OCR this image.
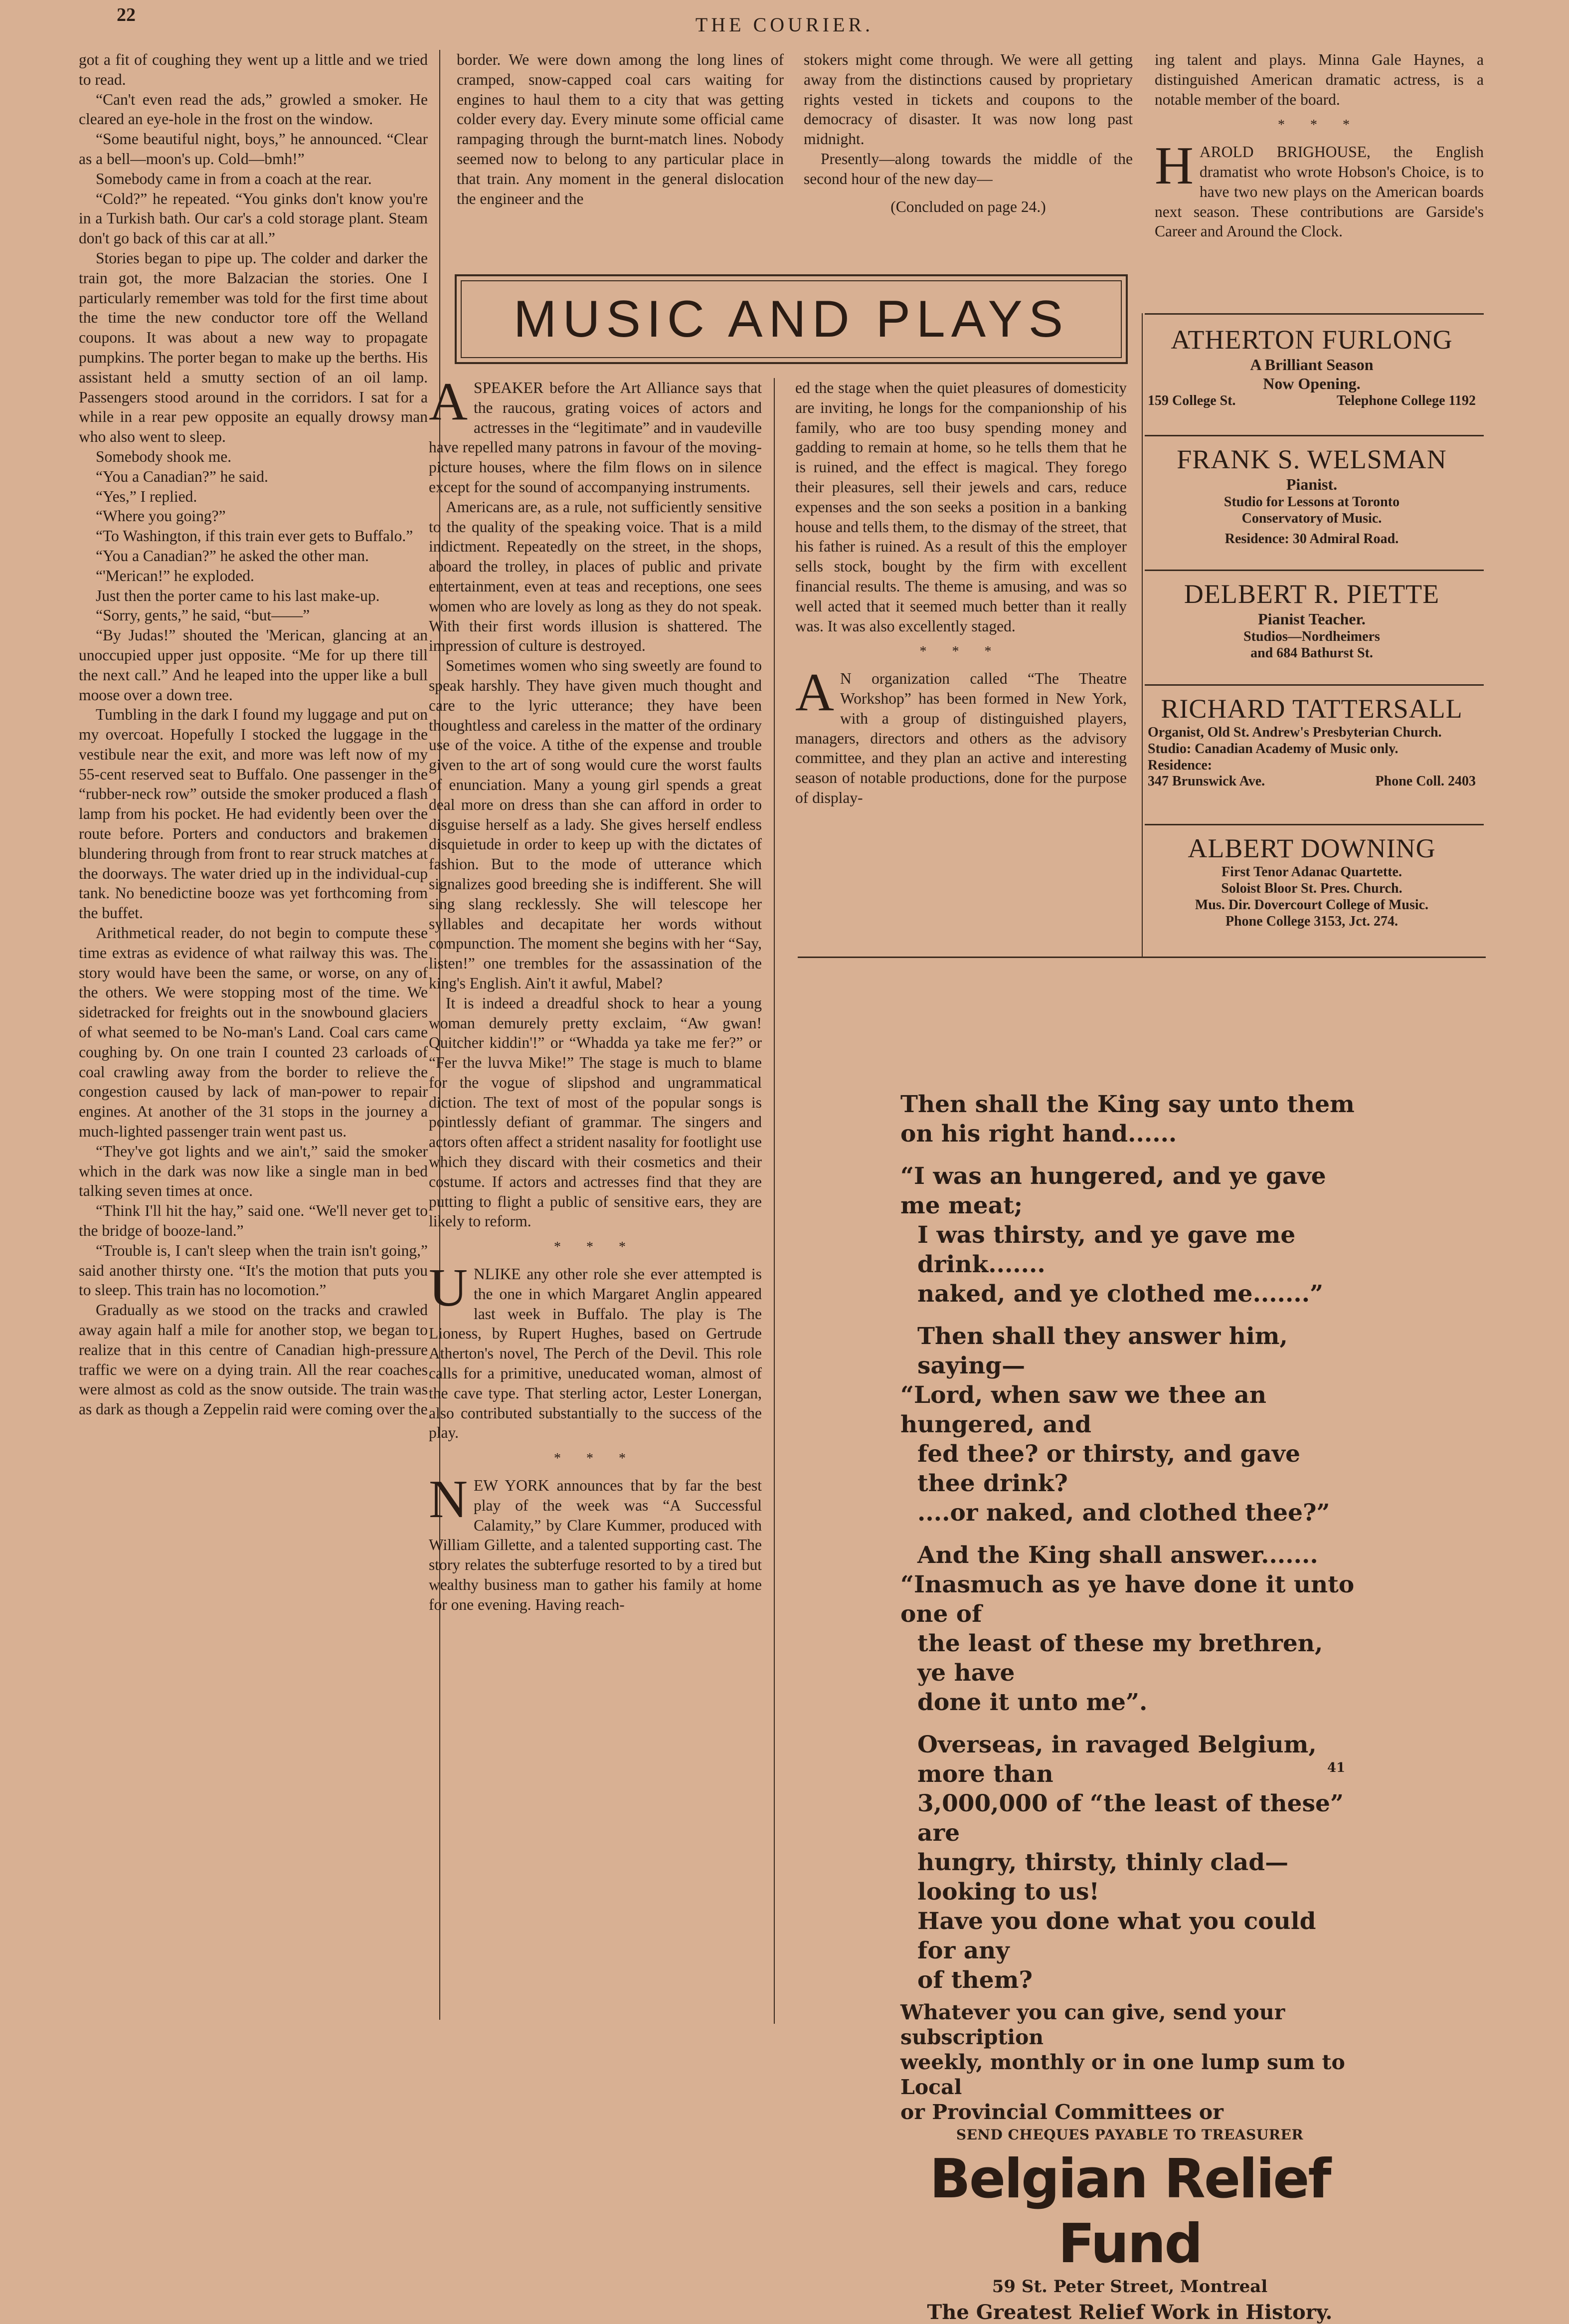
22	THE COURIER.

got a fit of coughing they went up a little and we tried to read.

“Can't even read the ads,” growled a smoker. He cleared an eye-hole in the frost on the window.

“Some beautiful night, boys,” he announced. “Clear as a bell—moon's up. Cold—bmh!”

Somebody came in from a coach at the rear.

“Cold?” he repeated. “You ginks don't know you're in a Turkish bath. Our car's a cold storage plant. Steam don't go back of this car at all.”

Stories began to pipe up. The colder and darker the train got, the more Balzacian the stories. One I particularly remember was told for the first time about the time the new conductor tore off the Welland coupons. It was about a new way to propagate pumpkins. The porter began to make up the berths. His assistant held a smutty section of an oil lamp. Passengers stood around in the corridors. I sat for a while in a rear pew opposite an equally drowsy man who also went to sleep.

Somebody shook me.

“You a Canadian?” he said.

“Yes,” I replied.

“Where you going?”

“To Washington, if this train ever gets to Buffalo.”

“You a Canadian?” he asked the other man.

“'Merican!” he exploded.

Just then the porter came to his last make-up.

“Sorry, gents,” he said, “but——”

“By Judas!” shouted the 'Merican, glancing at an unoccupied upper just opposite. “Me for up there till the next call.” And he leaped into the upper like a bull moose over a down tree.

Tumbling in the dark I found my luggage and put on my overcoat. Hopefully I stocked the luggage in the vestibule near the exit, and more was left now of my 55-cent reserved seat to Buffalo. One passenger in the “rubber-neck row” outside the smoker produced a flash lamp from his pocket. He had evidently been over the route before. Porters and conductors and brakemen blundering through from front to rear struck matches at the doorways. The water dried up in the individual-cup tank. No benedictine booze was yet forthcoming from the buffet.

Arithmetical reader, do not begin to compute these time extras as evidence of what railway this was. The story would have been the same, or worse, on any of the others. We were stopping most of the time. We sidetracked for freights out in the snowbound glaciers of what seemed to be No-man's Land. Coal cars came coughing by. On one train I counted 23 carloads of coal crawling away from the border to relieve the congestion caused by lack of man-power to repair engines. At another of the 31 stops in the journey a much-lighted passenger train went past us.

“They've got lights and we ain't,” said the smoker which in the dark was now like a single man in bed talking seven times at once.

“Think I'll hit the hay,” said one. “We'll never get to the bridge of booze-land.”

“Trouble is, I can't sleep when the train isn't going,” said another thirsty one. “It's the motion that puts you to sleep. This train has no locomotion.”

Gradually as we stood on the tracks and crawled away again half a mile for another stop, we began to realize that in this centre of Canadian high-pressure traffic we were on a dying train. All the rear coaches were almost as cold as the snow outside. The train was as dark as though a Zeppelin raid were coming over the

border. We were down among the long lines of cramped, snow-capped coal cars waiting for engines to haul them to a city that was getting colder every day. Every minute some official came rampaging through the burnt-match lines. Nobody seemed now to belong to any particular place in that train. Any moment in the general dislocation the engineer and the

stokers might come through. We were all getting away from the distinctions caused by proprietary rights vested in tickets and coupons to the democracy of disaster. It was now long past midnight.

Presently—along towards the middle of the second hour of the new day—

(Concluded on page 24.)

ing talent and plays. Minna Gale Haynes, a distinguished American dramatic actress, is a notable member of the board.

* * *

HAROLD BRIGHOUSE, the English dramatist who wrote Hobson's Choice, is to have two new plays on the American boards next season. These contributions are Garside's Career and Around the Clock.

MUSIC AND PLAYS

ASPEAKER before the Art Alliance says that the raucous, grating voices of actors and actresses in the “legitimate” and in vaudeville have repelled many patrons in favour of the moving-picture houses, where the film flows on in silence except for the sound of accompanying instruments.

Americans are, as a rule, not sufficiently sensitive to the quality of the speaking voice. That is a mild indictment. Repeatedly on the street, in the shops, aboard the trolley, in places of public and private entertainment, even at teas and receptions, one sees women who are lovely as long as they do not speak. With their first words illusion is shattered. The impression of culture is destroyed.

Sometimes women who sing sweetly are found to speak harshly. They have given much thought and care to the lyric utterance; they have been thoughtless and careless in the matter of the ordinary use of the voice. A tithe of the expense and trouble given to the art of song would cure the worst faults of enunciation. Many a young girl spends a great deal more on dress than she can afford in order to disguise herself as a lady. She gives herself endless disquietude in order to keep up with the dictates of fashion. But to the mode of utterance which signalizes good breeding she is indifferent. She will sing slang recklessly. She will telescope her syllables and decapitate her words without compunction. The moment she begins with her “Say, listen!” one trembles for the assassination of the king's English. Ain't it awful, Mabel?

It is indeed a dreadful shock to hear a young woman demurely pretty exclaim, “Aw gwan! Quitcher kiddin'!” or “Whadda ya take me fer?” or “Fer the luvva Mike!” The stage is much to blame for the vogue of slipshod and ungrammatical diction. The text of most of the popular songs is pointlessly defiant of grammar. The singers and actors often affect a strident nasality for footlight use which they discard with their cosmetics and their costume. If actors and actresses find that they are putting to flight a public of sensitive ears, they are likely to reform.

* * *

UNLIKE any other role she ever attempted is the one in which Margaret Anglin appeared last week in Buffalo. The play is The Lioness, by Rupert Hughes, based on Gertrude Atherton's novel, The Perch of the Devil. This role calls for a primitive, uneducated woman, almost of the cave type. That sterling actor, Lester Lonergan, also contributed substantially to the success of the play.

* * *

NEW YORK announces that by far the best play of the week was “A Successful Calamity,” by Clare Kummer, produced with William Gillette, and a talented supporting cast. The story relates the subterfuge resorted to by a tired but wealthy business man to gather his family at home for one evening. Having reach-

ed the stage when the quiet pleasures of domesticity are inviting, he longs for the companionship of his family, who are too busy spending money and gadding to remain at home, so he tells them that he is ruined, and the effect is magical. They forego their pleasures, sell their jewels and cars, reduce expenses and the son seeks a position in a banking house and tells them, to the dismay of the street, that his father is ruined. As a result of this the employer sells stock, bought by the firm with excellent financial results. The theme is amusing, and was so well acted that it seemed much better than it really was. It was also excellently staged.

* * *

A N organization called “The Theatre Workshop” has been formed in New York, with a group of distinguished players, managers, directors and others as the advisory committee, and they plan an active and interesting season of notable productions, done for the purpose of display-

ATHERTON FURLONG
A Brilliant Season
Now Opening.
159 College St.	Telephone College 1192
FRANK S. WELSMAN
Pianist.
Studio for Lessons at Toronto
Conservatory of Music.
Residence: 30 Admiral Road.
DELBERT R. PIETTE
Pianist Teacher.
Studios—Nordheimers
and 684 Bathurst St.
RICHARD TATTERSALL
Organist, Old St. Andrew's Presbyterian Church.
Studio: Canadian Academy of Music only.
Residence:
347 Brunswick Ave.	Phone Coll. 2403
ALBERT DOWNING
First Tenor Adanac Quartette.
Soloist Bloor St. Pres. Church.
Mus. Dir. Dovercourt College of Music.
Phone College 3153, Jct. 274.

Then shall the King say unto them

on his right hand......

“I was an hungered, and ye gave me meat;

I was thirsty, and ye gave me drink.......

naked, and ye clothed me.......”

Then shall they answer him, saying—

“Lord, when saw we thee an hungered, and

fed thee? or thirsty, and gave thee drink?

....or naked, and clothed thee?”

And the King shall answer.......

“Inasmuch as ye have done it unto one of

the least of these my brethren, ye have

done it unto me”.

Overseas, in ravaged Belgium, more than

3,000,000 of “the least of these” are

hungry, thirsty, thinly clad—looking to us!

Have you done what you could for any

of them?

Whatever you can give, send your subscription

weekly, monthly or in one lump sum to Local

or Provincial Committees or

41
SEND CHEQUES PAYABLE TO TREASURER
Belgian Relief Fund
59 St. Peter Street, Montreal
The Greatest Relief Work in History.
